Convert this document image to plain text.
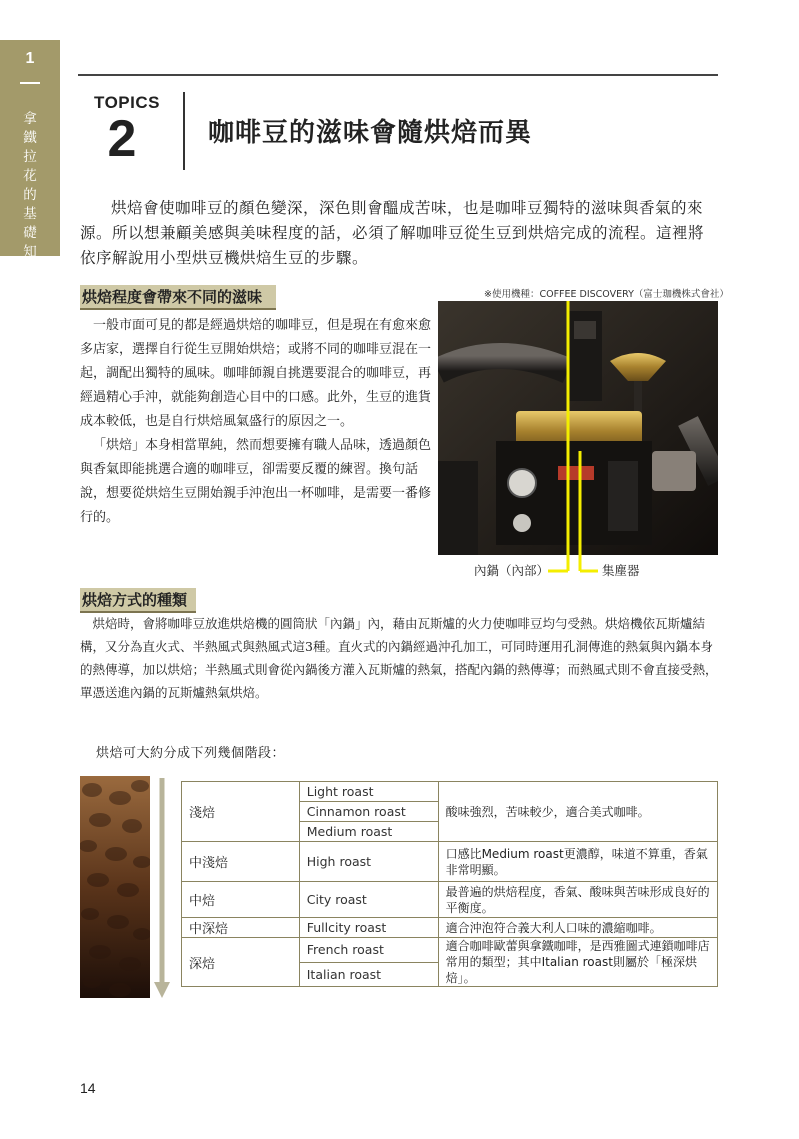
1
拿鐵拉花的基礎知識
TOPICS
2	咖啡豆的滋味會隨烘焙而異

烘焙會使咖啡豆的顏色變深，深色則會醞成苦味，也是咖啡豆獨特的滋味與香氣的來源。所以想兼顧美感與美味程度的話，必須了解咖啡豆從生豆到烘焙完成的流程。這裡將依序解說用小型烘豆機烘焙生豆的步驟。

烘焙程度會帶來不同的滋味

一般市面可見的都是經過烘焙的咖啡豆，但是現在有愈來愈多店家，選擇自行從生豆開始烘焙；或將不同的咖啡豆混在一起，調配出獨特的風味。咖啡師親自挑選要混合的咖啡豆，再經過精心手沖，就能夠創造心目中的口感。此外，生豆的進貨成本較低，也是自行烘焙風氣盛行的原因之一。

「烘焙」本身相當單純，然而想要擁有職人品味，透過顏色與香氣即能挑選合適的咖啡豆，卻需要反覆的練習。換句話說，想要從烘焙生豆開始親手沖泡出一杯咖啡，是需要一番修行的。

※使用機種：COFFEE DISCOVERY（富士珈機株式會社）
內鍋（內部）	集塵器
烘焙方式的種類

烘焙時，會將咖啡豆放進烘焙機的圓筒狀「內鍋」內，藉由瓦斯爐的火力使咖啡豆均勻受熱。烘焙機依瓦斯爐結構，又分為直火式、半熱風式與熱風式這3種。直火式的內鍋經過沖孔加工，可同時運用孔洞傳進的熱氣與內鍋本身的熱傳導，加以烘焙；半熱風式則會從內鍋後方灌入瓦斯爐的熱氣，搭配內鍋的熱傳導；而熱風式則不會直接受熱，單憑送進內鍋的瓦斯爐熱氣烘焙。

烘焙可大約分成下列幾個階段：
淺焙	Light roast	酸味強烈，苦味較少，適合美式咖啡。
	Cinnamon roast	
	Medium roast	
中淺焙	High roast	口感比Medium roast更濃醇，味道不算重，香氣非常明顯。
中焙	City roast	最普遍的烘焙程度，香氣、酸味與苦味形成良好的平衡度。
中深焙	Fullcity roast	適合沖泡符合義大利人口味的濃縮咖啡。
深焙	French roast	適合咖啡歐蕾與拿鐵咖啡，是西雅圖式連鎖咖啡店常用的類型；其中Italian roast則屬於「極深烘焙」。
	Italian roast	
14
